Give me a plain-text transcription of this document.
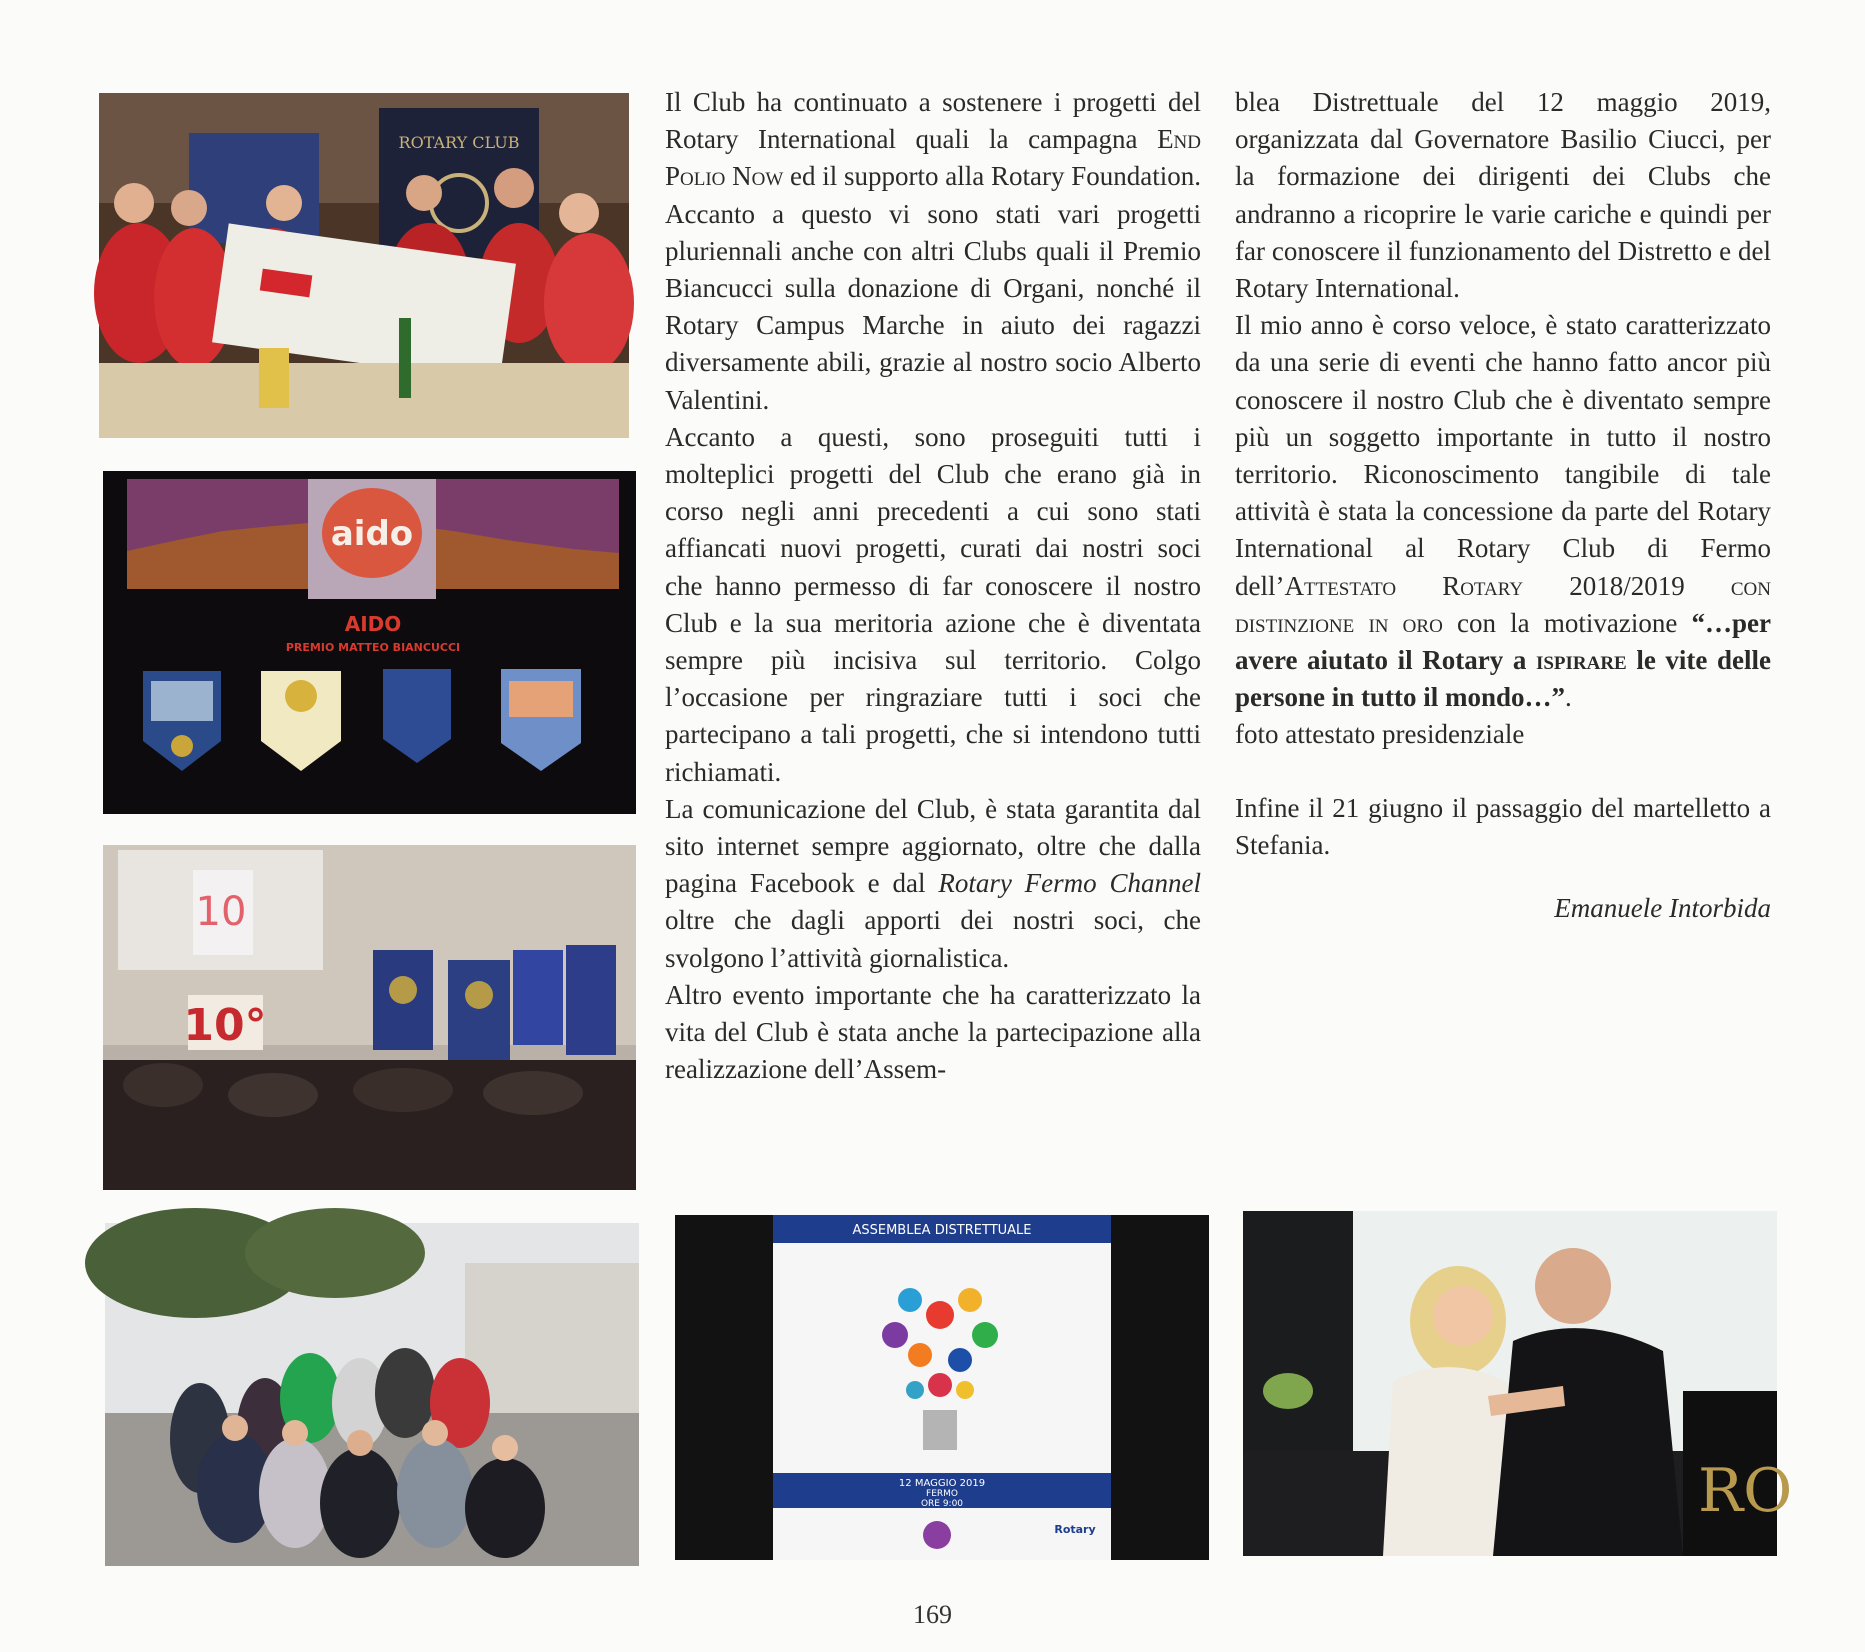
ROTARY CLUB
aido
AIDO
PREMIO MATTEO BIANCUCCI
10
10°
ASSEMBLEA DISTRETTUALE
12 MAGGIO 2019
FERMO
ORE 9:00
Rotary
RO

Il Club ha continuato a sostenere i progetti del Rotary International quali la campagna End Polio Now ed il supporto alla Rotary Foundation.

Accanto a questo vi sono stati vari progetti pluriennali anche con altri Clubs quali il Premio Biancucci sulla donazione di Organi, nonché il Rotary Campus Marche in aiuto dei ragazzi diversamente abili, grazie al nostro socio Alberto Valentini.

Accanto a questi, sono proseguiti tutti i molteplici progetti del Club che erano già in corso negli anni precedenti a cui sono stati affiancati nuovi progetti, curati dai nostri soci che hanno permesso di far conoscere il nostro Club e la sua meritoria azione che è diventata sempre più incisiva sul territorio. Colgo l’occasione per ringraziare tutti i soci che partecipano a tali progetti, che si intendono tutti richiamati.

La comunicazione del Club, è stata garantita dal sito internet sempre aggiornato, oltre che dalla pagina Facebook e dal Rotary Fermo Channel oltre che dagli apporti dei nostri soci, che svolgono l’attività giornalistica.

Altro evento importante che ha caratterizzato la vita del Club è stata anche la partecipazione alla realizzazione dell’Assem-

blea Distrettuale del 12 maggio 2019, organizzata dal Governatore Basilio Ciucci, per la formazione dei dirigenti dei Clubs che andranno a ricoprire le varie cariche e quindi per far conoscere il funzionamento del Distretto e del Rotary International.

Il mio anno è corso veloce, è stato caratterizzato da una serie di eventi che hanno fatto ancor più conoscere il nostro Club che è diventato sempre più un soggetto importante in tutto il nostro territorio. Riconoscimento tangibile di tale attività è stata la concessione da parte del Rotary International al Rotary Club di Fermo dell’Attestato Rotary 2018/2019 con distinzione in oro con la motivazione “…per avere aiutato il Rotary a ispirare le vite delle persone in tutto il mondo…”.

foto attestato presidenziale

Infine il 21 giugno il passaggio del martelletto a Stefania.

Emanuele Intorbida
169
